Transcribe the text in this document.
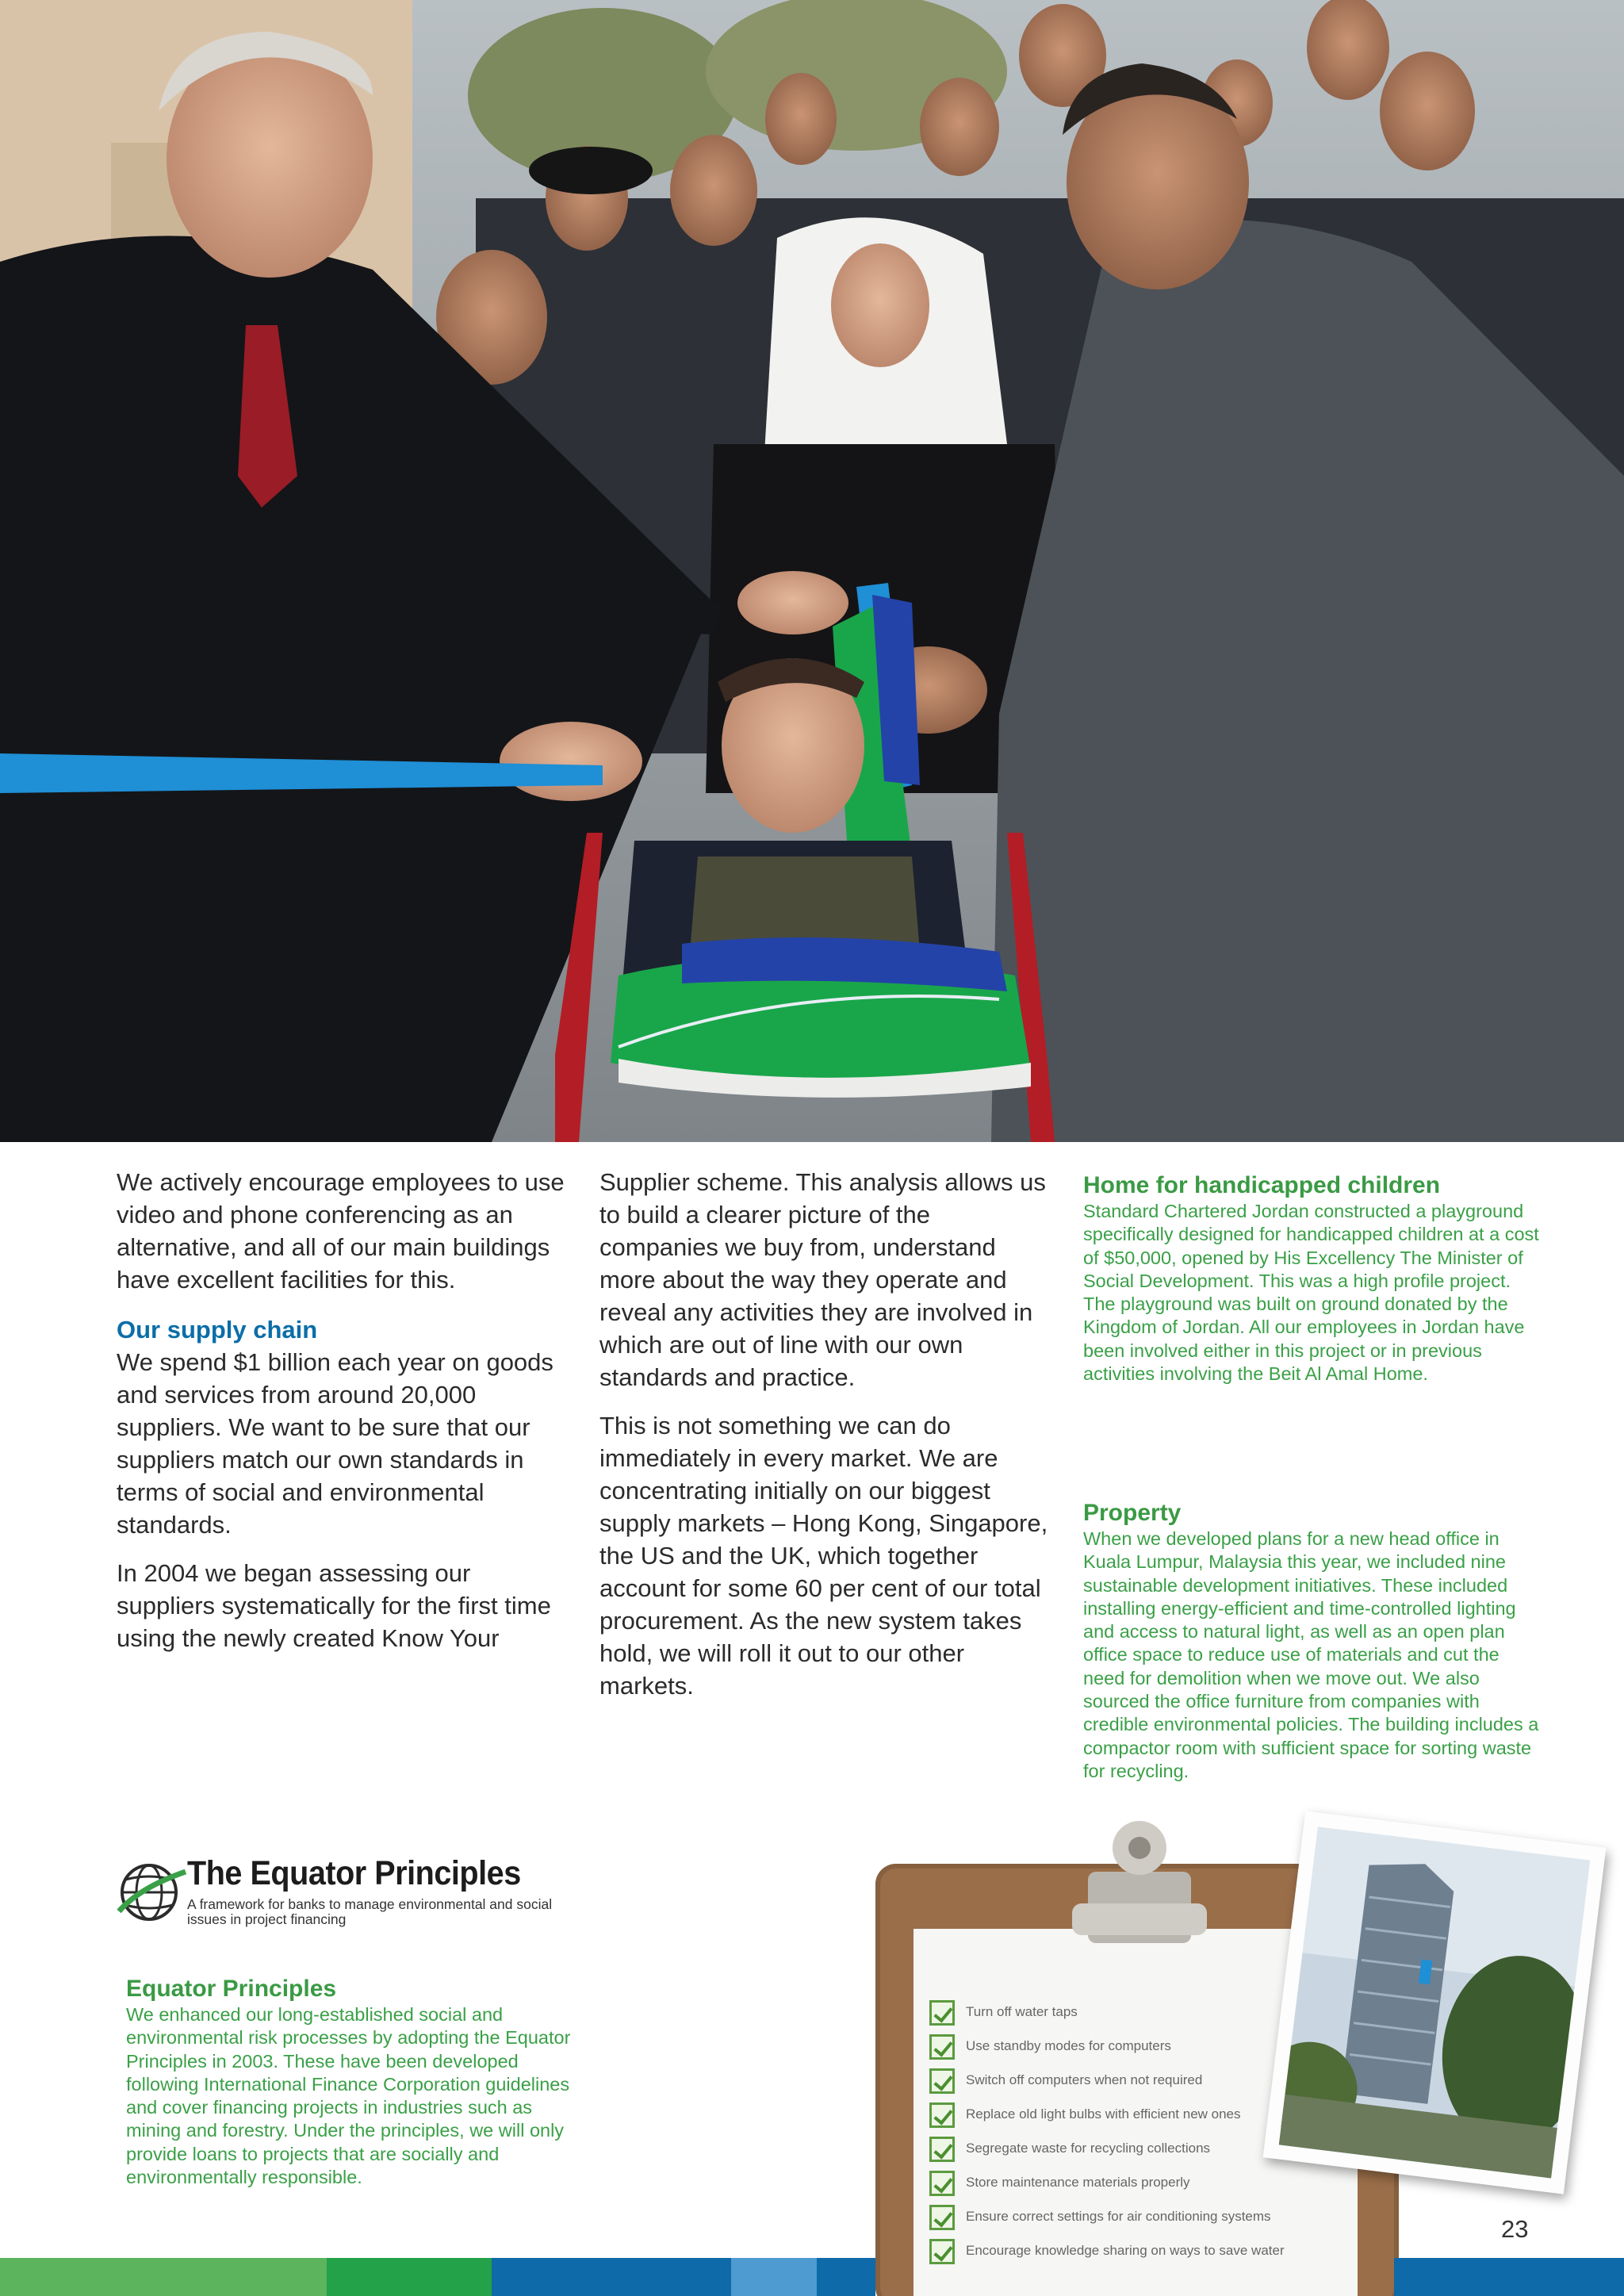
We actively encourage employees to use video and phone conferencing as an alternative, and all of our main buildings have excellent facilities for this.

Our supply chain

We spend $1 billion each year on goods and services from around 20,000 suppliers. We want to be sure that our suppliers match our own standards in terms of social and environmental standards.

In 2004 we began assessing our suppliers systematically for the first time using the newly created Know Your

Supplier scheme. This analysis allows us to build a clearer picture of the companies we buy from, understand more about the way they operate and reveal any activities they are involved in which are out of line with our own standards and practice.

This is not something we can do immediately in every market. We are concentrating initially on our biggest supply markets – Hong Kong, Singapore, the US and the UK, which together account for some 60 per cent of our total procurement. As the new system takes hold, we will roll it out to our other markets.

Home for handicapped children

Standard Chartered Jordan constructed a playground specifically designed for handicapped children at a cost of $50,000, opened by His Excellency The Minister of Social Development. This was a high profile project. The playground was built on ground donated by the Kingdom of Jordan. All our employees in Jordan have been involved either in this project or in previous activities involving the Beit Al Amal Home.

Property

When we developed plans for a new head office in Kuala Lumpur, Malaysia this year, we included nine sustainable development initiatives. These included installing energy-efficient and time-controlled lighting and access to natural light, as well as an open plan office space to reduce use of materials and cut the need for demolition when we move out. We also sourced the office furniture from companies with credible environmental policies. The building includes a compactor room with sufficient space for sorting waste for recycling.

The Equator Principles
A framework for banks to manage environmental and social issues in project financing
Equator Principles

We enhanced our long-established social and environmental risk processes by adopting the Equator Principles in 2003. These have been developed following International Finance Corporation guidelines and cover financing projects in industries such as mining and forestry. Under the principles, we will only provide loans to projects that are socially and environmentally responsible.

Turn off water taps
Use standby modes for computers
Switch off computers when not required
Replace old light bulbs with efficient new ones
Segregate waste for recycling collections
Store maintenance materials properly
Ensure correct settings for air conditioning systems
Encourage knowledge sharing on ways to save water
23
